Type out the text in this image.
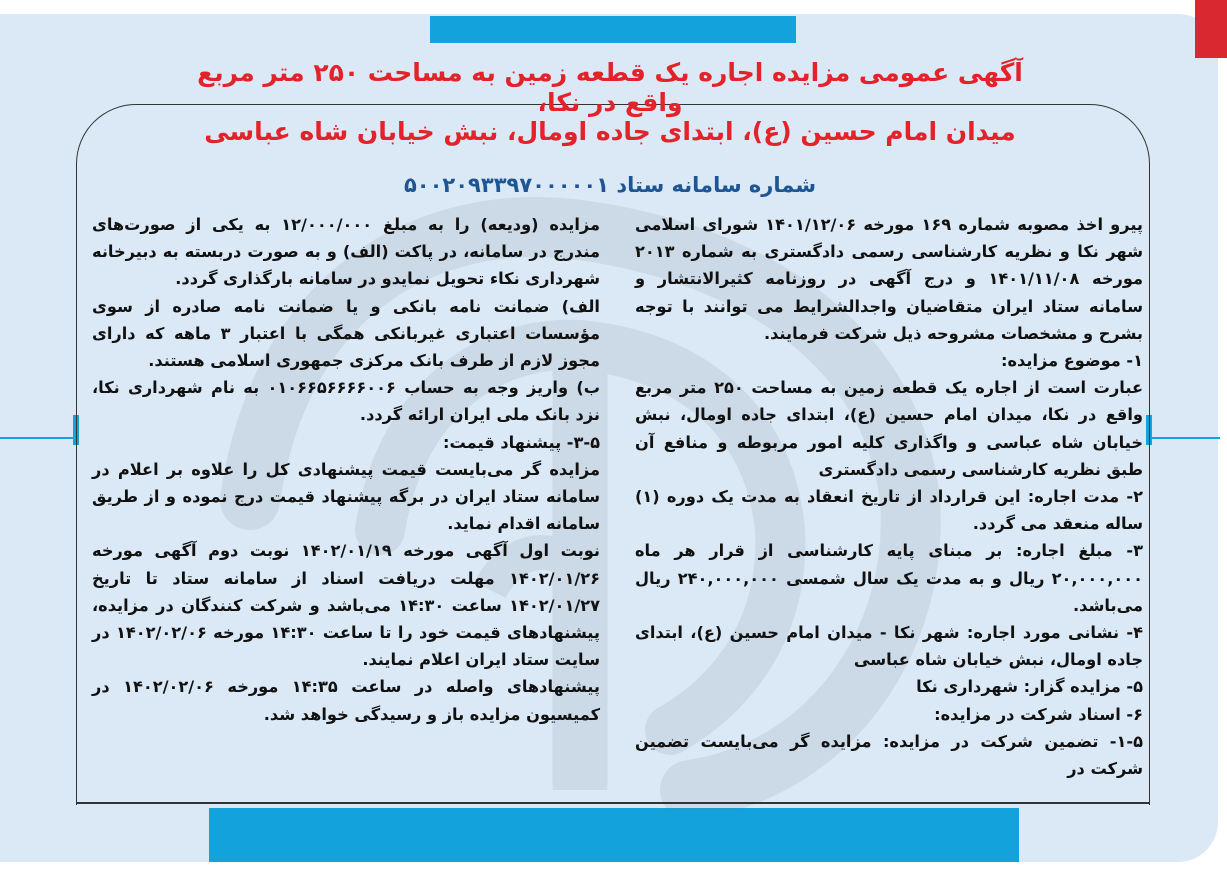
آگهی عمومی مزایده اجاره یک قطعه زمین به مساحت ۲۵۰ متر مربع واقع در نکا،
میدان امام حسین (ع)، ابتدای جاده اومال، نبش خیابان شاه عباسی
شماره سامانه ستاد ۵۰۰۲۰۹۳۳۹۷۰۰۰۰۰۱

پیرو اخذ مصوبه شماره ۱۶۹ مورخه ۱۴۰۱/۱۲/۰۶ شورای اسلامی شهر نکا و نظریه کارشناسی رسمی دادگستری به شماره ۲۰۱۳ مورخه ۱۴۰۱/۱۱/۰۸ و درج آگهی در روزنامه کثیرالانتشار و سامانه ستاد ایران متقاضیان واجدالشرایط می توانند با توجه بشرح و مشخصات مشروحه ذیل شرکت فرمایند.

۱- موضوع مزایده:

عبارت است از اجاره یک قطعه زمین به مساحت ۲۵۰ متر مربع واقع در نکا، میدان امام حسین (ع)، ابتدای جاده اومال، نبش خیابان شاه عباسی و واگذاری کلیه امور مربوطه و منافع آن طبق نظریه کارشناسی رسمی دادگستری

۲- مدت اجاره: این قرارداد از تاریخ انعقاد به مدت یک دوره (۱) ساله منعقد می گردد.

۳- مبلغ اجاره: بر مبنای پایه کارشناسی از قرار هر ماه ۲۰,۰۰۰,۰۰۰ ریال و به مدت یک سال شمسی ۲۴۰,۰۰۰,۰۰۰ ریال می‌باشد.

۴- نشانی مورد اجاره: شهر نکا - میدان امام حسین (ع)، ابتدای جاده اومال، نبش خیابان شاه عباسی

۵- مزایده گزار: شهرداری نکا

۶- اسناد شرکت در مزایده:

۱-۵- تضمین شرکت در مزایده: مزایده گر می‌بایست تضمین شرکت در

مزایده (ودیعه) را به مبلغ ۱۲/۰۰۰/۰۰۰ به یکی از صورت‌های مندرج در سامانه، در پاکت (الف) و به صورت دربسته به دبیرخانه شهرداری نکاء تحویل نمایدو در سامانه بارگذاری گردد.

الف) ضمانت نامه بانکی و یا ضمانت نامه صادره از سوی مؤسسات اعتباری غیربانکی همگی با اعتبار ۳ ماهه که دارای مجوز لازم از طرف بانک مرکزی جمهوری اسلامی هستند.

ب) واریز وجه به حساب ۰۱۰۶۶۵۶۶۶۶۰۰۶ به نام شهرداری نکا، نزد بانک ملی ایران ارائه گردد.

۳-۵- پیشنهاد قیمت:

مزایده گر می‌بایست قیمت پیشنهادی کل را علاوه بر اعلام در سامانه ستاد ایران در برگه پیشنهاد قیمت درج نموده و از طریق سامانه اقدام نماید.

نوبت اول آگهی مورخه ۱۴۰۲/۰۱/۱۹ نوبت دوم آگهی مورخه ۱۴۰۲/۰۱/۲۶ مهلت دریافت اسناد از سامانه ستاد تا تاریخ ۱۴۰۲/۰۱/۲۷ ساعت ۱۴:۳۰ می‌باشد و شرکت کنندگان در مزایده، پیشنهادهای قیمت خود را تا ساعت ۱۴:۳۰ مورخه ۱۴۰۲/۰۲/۰۶ در سایت ستاد ایران اعلام نمایند.

پیشنهادهای واصله در ساعت ۱۴:۳۵ مورخه ۱۴۰۲/۰۲/۰۶ در کمیسیون مزایده باز و رسیدگی خواهد شد.
